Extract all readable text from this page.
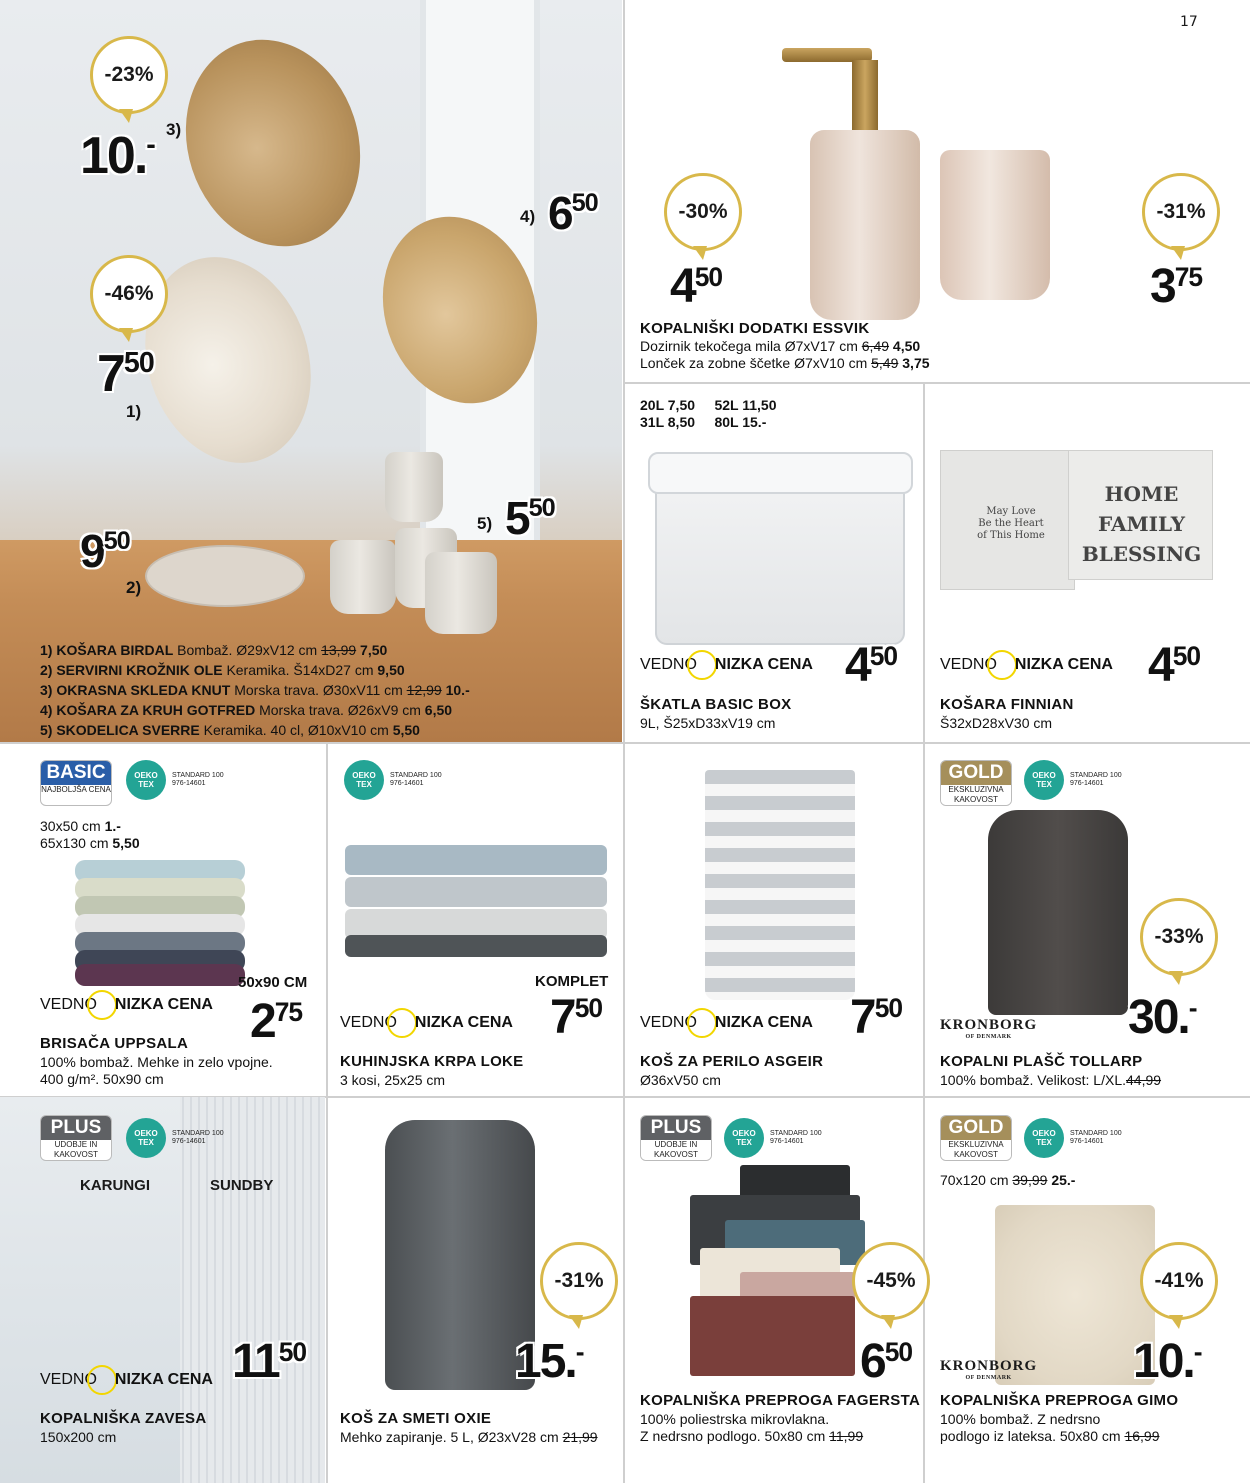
17
-23%
10.- 3)
-46%
$7^{50}$
1)
4) $6^{50}$
$9^{50}$
2)
5) $5^{50}$
1) KOŠARA BIRDAL Bombaž. Ø29xV12 cm 13,99 7,50
2) SERVIRNI KROŽNIK OLE Keramika. Š14xD27 cm 9,50
3) OKRASNA SKLEDA KNUT Morska trava. Ø30xV11 cm 12,99 10.-
4) KOŠARA ZA KRUH GOTFRED Morska trava. Ø26xV9 cm 6,50
5) SKODELICA SVERRE Keramika. 40 cl, Ø10xV10 cm 5,50
-30%
$4^{50}$
-31%
$3^{75}$
KOPALNIŠKI DODATKI ESSVIK
Dozirnik tekočega mila Ø7xV17 cm 6,49 4,50
Lonček za zobne ščetke Ø7xV10 cm 5,49 3,75
20L 7,50 52L 11,50
31L 8,50 80L 15.-
VEDNO NIZKA CENA $4^{50}$
ŠKATLA BASIC BOX
9L, Š25xD33xV19 cm
May Love
Be the Heart
of This Home
HOME
FAMILY
BLESSING
VEDNO NIZKA CENA $4^{50}$
KOŠARA FINNIAN
Š32xD28xV30 cm
BASIC
NAJBOLJŠA CENA
OEKO TEX
STANDARD 100
976-14601
30x50 cm 1.-
65x130 cm 5,50
50x90 CM
VEDNO NIZKA CENA $2^{75}$
BRISAČA UPPSALA
100% bombaž. Mehke in zelo vpojne.
400 g/m². 50x90 cm
OEKO TEX
STANDARD 100
976-14601
KOMPLET
VEDNO NIZKA CENA $7^{50}$
KUHINJSKA KRPA LOKE
3 kosi, 25x25 cm
VEDNO NIZKA CENA $7^{50}$
KOŠ ZA PERILO ASGEIR
Ø36xV50 cm
GOLD
EKSKLUZIVNA KAKOVOST
OEKO TEX
STANDARD 100
976-14601
-33%
KRONBORG
OF DENMARK	30.-
KOPALNI PLAŠČ TOLLARP
100% bombaž. Velikost: L/XL.44,99
PLUS
UDOBJE IN KAKOVOST
OEKO TEX
STANDARD 100
976-14601
KARUNGI	SUNDBY
VEDNO NIZKA CENA $11^{50}$
KOPALNIŠKA ZAVESA
150x200 cm
-31%
15.-
KOŠ ZA SMETI OXIE
Mehko zapiranje. 5 L, Ø23xV28 cm 21,99
PLUS
UDOBJE IN KAKOVOST
OEKO TEX
STANDARD 100
976-14601
-45%
$6^{50}$
KOPALNIŠKA PREPROGA FAGERSTA
100% poliestrska mikrovlakna.
Z nedrsno podlogo. 50x80 cm 11,99
GOLD
EKSKLUZIVNA KAKOVOST
OEKO TEX
STANDARD 100
976-14601
70x120 cm 39,99 25.-
-41%
KRONBORG
OF DENMARK	10.-
KOPALNIŠKA PREPROGA GIMO
100% bombaž. Z nedrsno
podlogo iz lateksa. 50x80 cm 16,99
